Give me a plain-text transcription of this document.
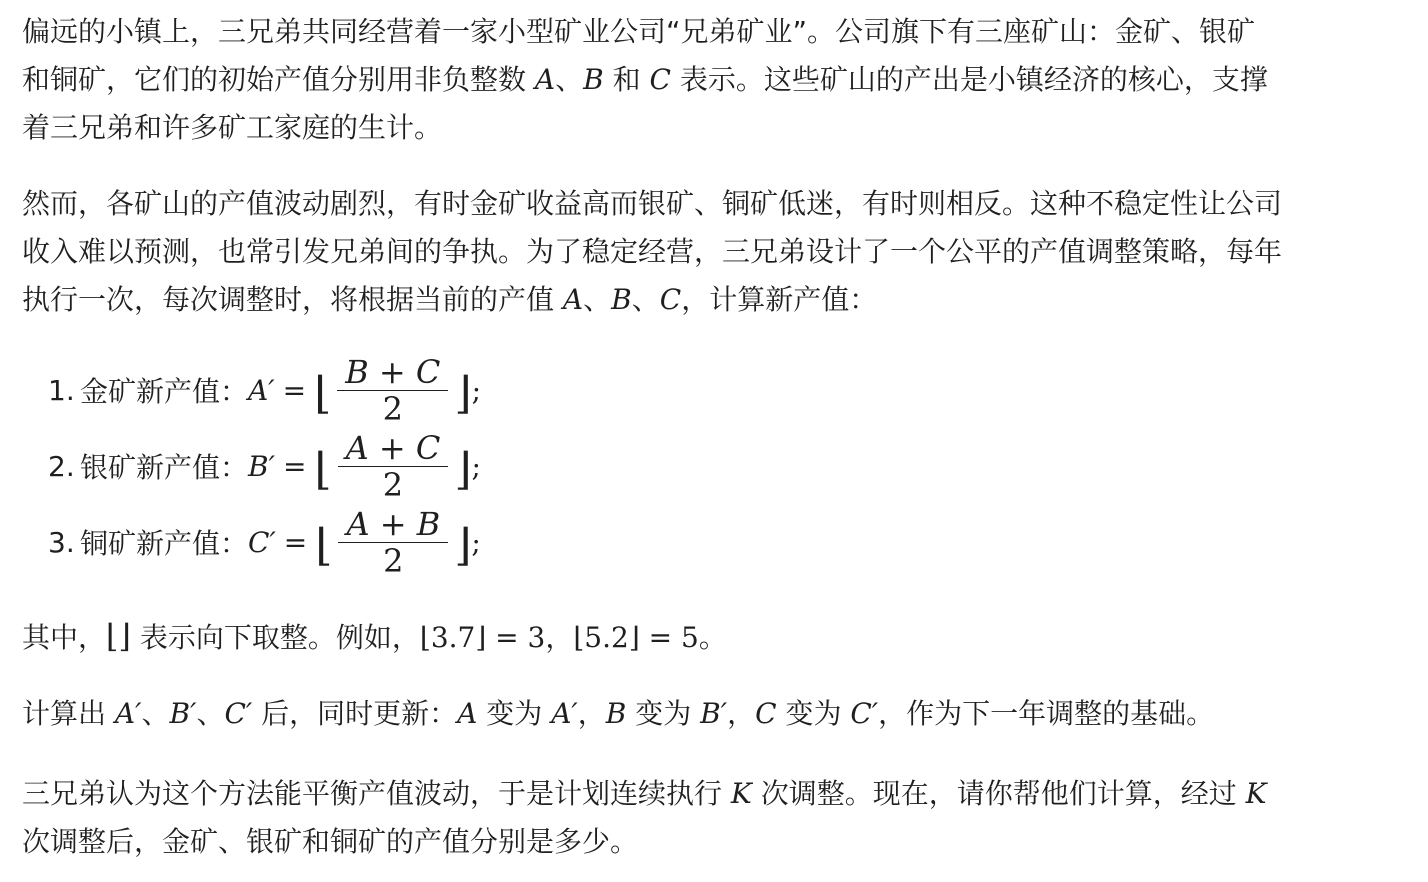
偏远的小镇上，三兄弟共同经营着一家小型矿业公司“兄弟矿业”。公司旗下有三座矿山：金矿、银矿
和铜矿，它们的初始产值分别用非负整数 A、B 和 C 表示。这些矿山的产出是小镇经济的核心，支撑
着三兄弟和许多矿工家庭的生计。

然而，各矿山的产值波动剧烈，有时金矿收益高而银矿、铜矿低迷，有时则相反。这种不稳定性让公司
收入难以预测，也常引发兄弟间的争执。为了稳定经营，三兄弟设计了一个公平的产值调整策略，每年
执行一次，每次调整时，将根据当前的产值 A、B、C，计算新产值：

1. 金矿新产值： A′ = ⌊ $\frac{B + C}{2}$ ⌋ ;
2. 银矿新产值： B′ = ⌊ $\frac{A + C}{2}$ ⌋ ;
3. 铜矿新产值： C′ = ⌊ $\frac{A + B}{2}$ ⌋ ;

其中，⌊⌋ 表示向下取整。例如，⌊3.7⌋ = 3，⌊5.2⌋ = 5。

计算出 A′、B′、C′ 后，同时更新：A 变为 A′，B 变为 B′，C 变为 C′，作为下一年调整的基础。

三兄弟认为这个方法能平衡产值波动，于是计划连续执行 K 次调整。现在，请你帮他们计算，经过 K
次调整后，金矿、银矿和铜矿的产值分别是多少。
